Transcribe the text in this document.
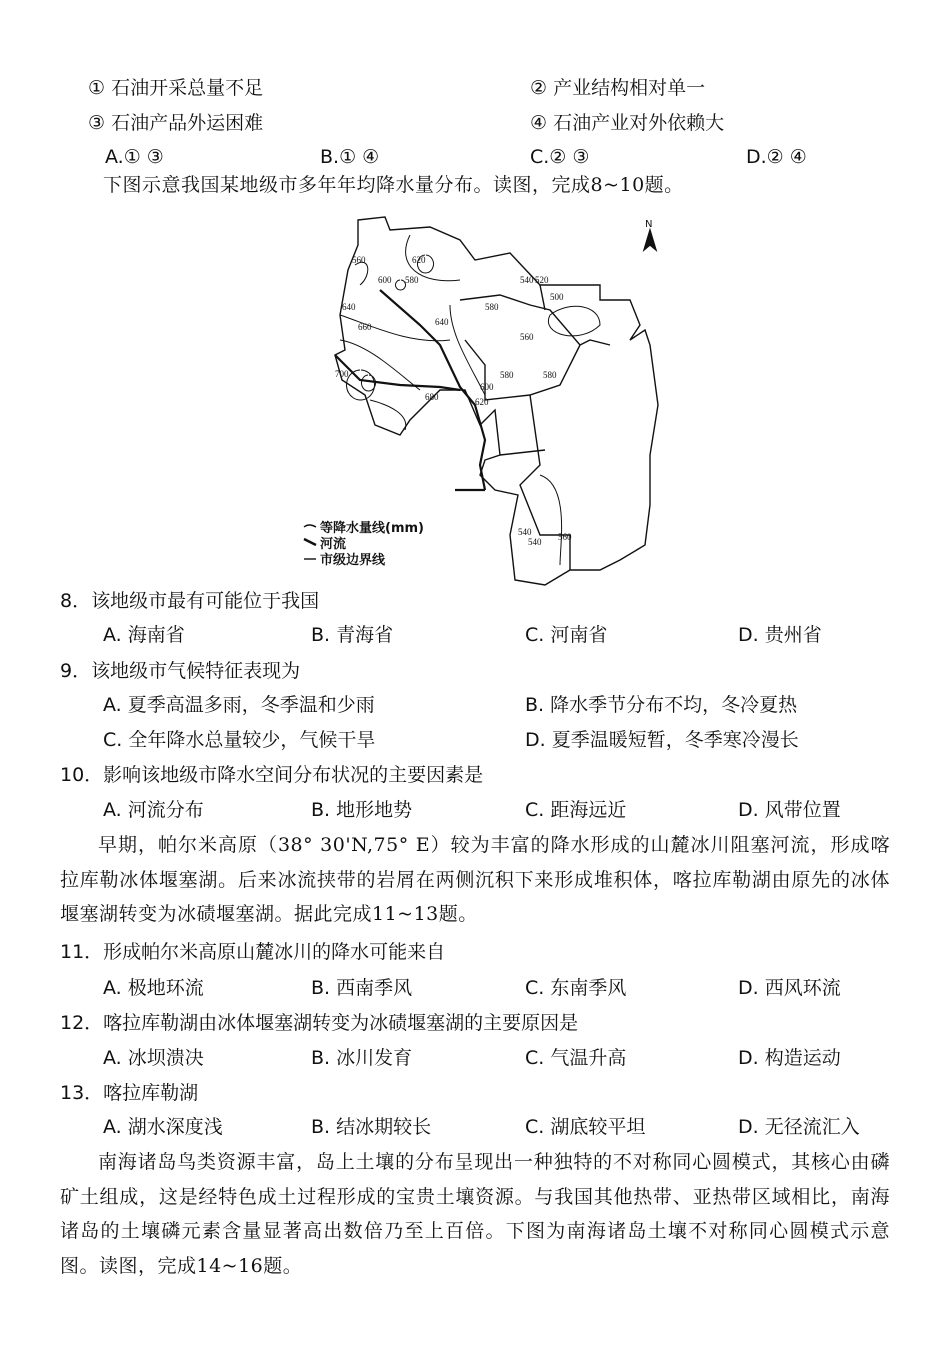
① 石油开采总量不足	② 产业结构相对单一
③ 石油产品外运困难	④ 石油产业对外依赖大
A.① ③	B.① ④	C.② ③	D.② ④
下图示意我国某地级市多年年均降水量分布。读图，完成8~10题。
560	620
600 580
640
660
700
680
640
540 520
500
580
560
580
600
620
580
540
540 560
N
等降水量线(mm)
河流
市级边界线
8．该地级市最有可能位于我国
A. 海南省	B. 青海省	C. 河南省	D. 贵州省
9．该地级市气候特征表现为
A. 夏季高温多雨，冬季温和少雨	B. 降水季节分布不均，冬冷夏热
C. 全年降水总量较少，气候干旱	D. 夏季温暖短暂，冬季寒冷漫长
10．影响该地级市降水空间分布状况的主要因素是
A. 河流分布	B. 地形地势	C. 距海远近	D. 风带位置
早期，帕尔米高原（38° 30'N,75° E）较为丰富的降水形成的山麓冰川阻塞河流，形成喀拉库勒冰体堰塞湖。后来冰流挟带的岩屑在两侧沉积下来形成堆积体，喀拉库勒湖由原先的冰体堰塞湖转变为冰碛堰塞湖。据此完成11~13题。
11．形成帕尔米高原山麓冰川的降水可能来自
A. 极地环流	B. 西南季风	C. 东南季风	D. 西风环流
12．喀拉库勒湖由冰体堰塞湖转变为冰碛堰塞湖的主要原因是
A. 冰坝溃决	B. 冰川发育	C. 气温升高	D. 构造运动
13．喀拉库勒湖
A. 湖水深度浅	B. 结冰期较长	C. 湖底较平坦	D. 无径流汇入
南海诸岛鸟类资源丰富，岛上土壤的分布呈现出一种独特的不对称同心圆模式，其核心由磷矿土组成，这是经特色成土过程形成的宝贵土壤资源。与我国其他热带、亚热带区域相比，南海诸岛的土壤磷元素含量显著高出数倍乃至上百倍。下图为南海诸岛土壤不对称同心圆模式示意图。读图，完成14~16题。
